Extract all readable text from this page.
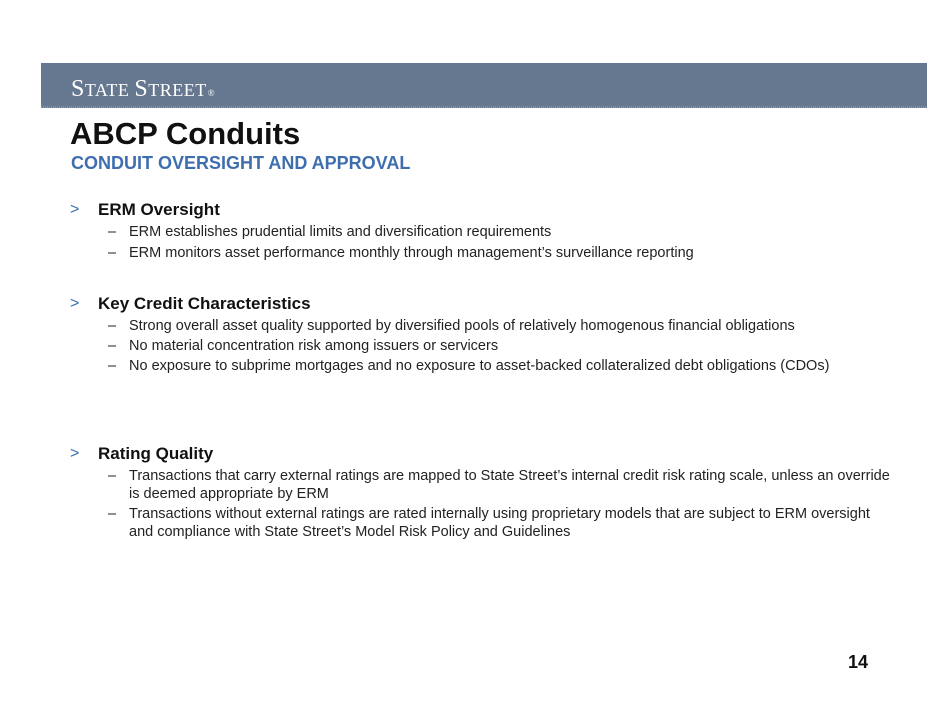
STATE STREET®
ABCP Conduits
CONDUIT OVERSIGHT AND APPROVAL
> ERM Oversight
– ERM establishes prudential limits and diversification requirements
– ERM monitors asset performance monthly through management’s surveillance reporting
> Key Credit Characteristics
– Strong overall asset quality supported by diversified pools of relatively homogenous financial obligations
– No material concentration risk among issuers or servicers
– No exposure to subprime mortgages and no exposure to asset-backed collateralized debt obligations (CDOs)
> Rating Quality
– Transactions that carry external ratings are mapped to State Street’s internal credit risk rating scale, unless an override is deemed appropriate by ERM
– Transactions without external ratings are rated internally using proprietary models that are subject to ERM oversight and compliance with State Street’s Model Risk Policy and Guidelines
14
